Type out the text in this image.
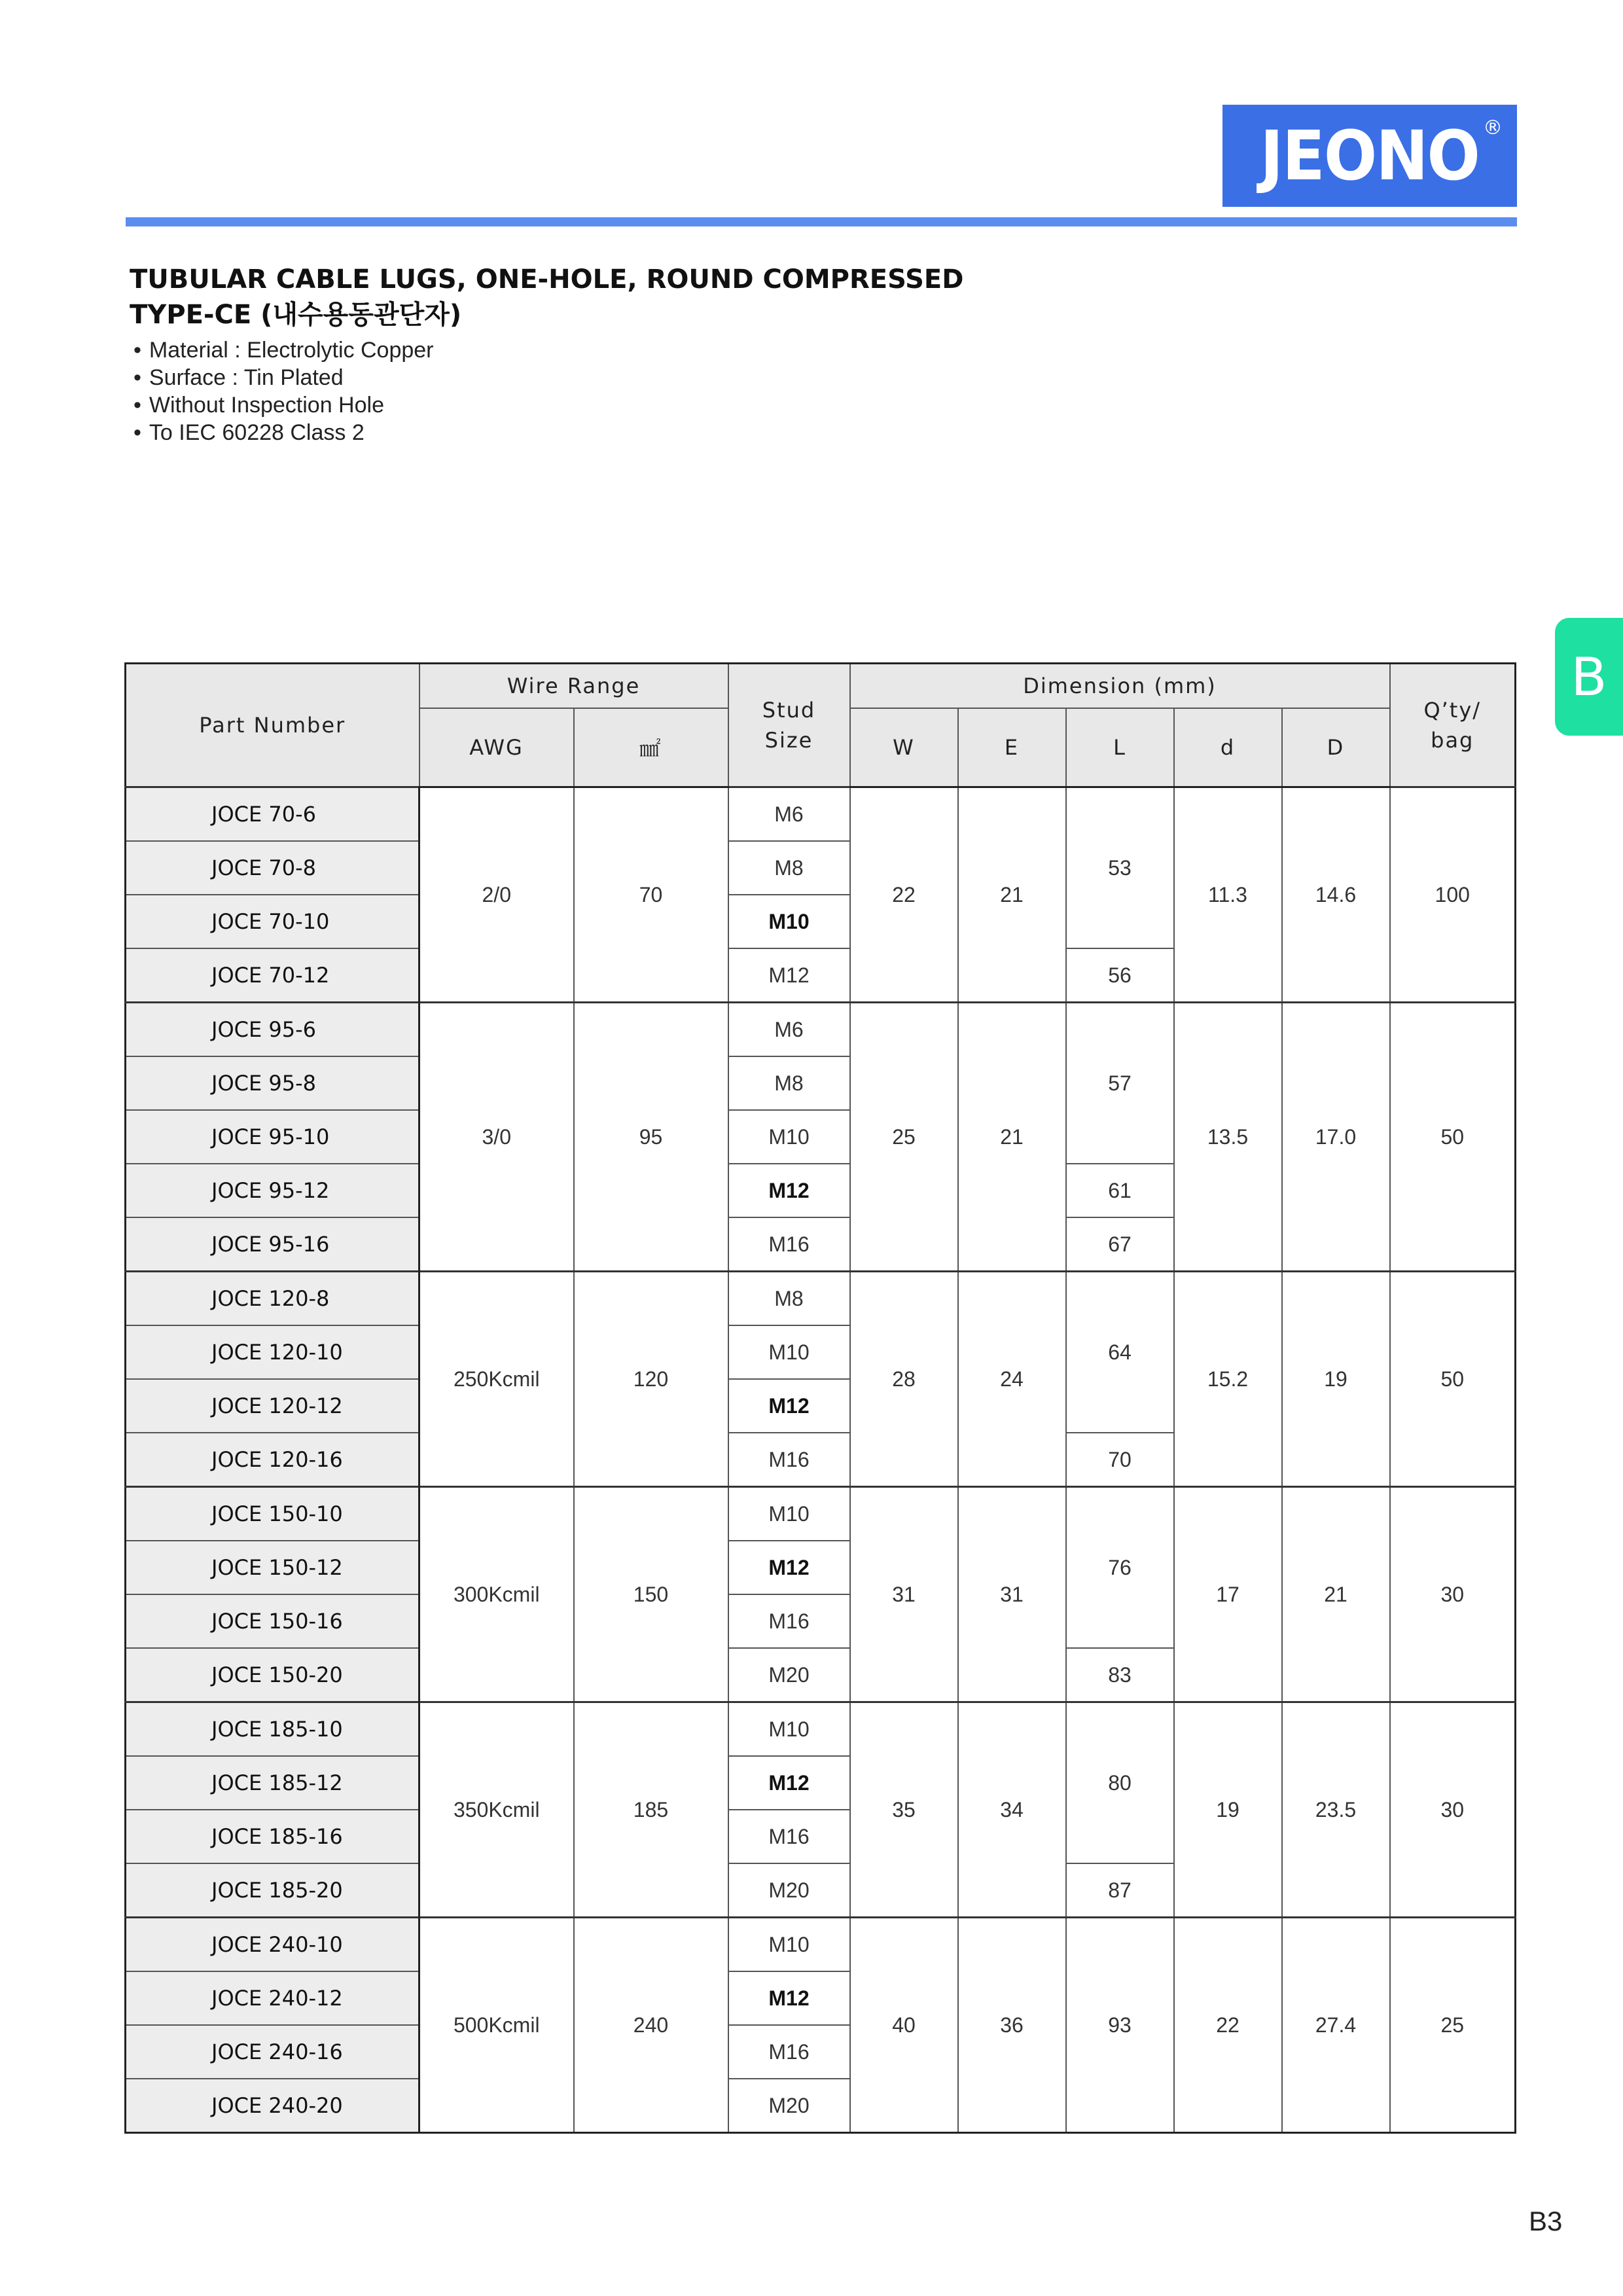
JEONO ®
TUBULAR CABLE LUGS, ONE-HOLE, ROUND COMPRESSED
TYPE-CE (내수용동관단자)
• Material : Electrolytic Copper
• Surface : Tin Plated
• Without Inspection Hole
• To IEC 60228 Class 2
B
Part Number	Wire Range		Stud Size	Dimension (mm)					Q’ty/ bag
	AWG	㎟		W	E	L	d	D	
JOCE 70-6	2/0	70	M6	22	21	53	11.3	14.6	100
JOCE 70-8			M8						
JOCE 70-10			M10						
JOCE 70-12			M12			56			
JOCE 95-6	3/0	95	M6	25	21	57	13.5	17.0	50
JOCE 95-8			M8						
JOCE 95-10			M10						
JOCE 95-12			M12			61			
JOCE 95-16			M16			67			
JOCE 120-8	250Kcmil	120	M8	28	24	64	15.2	19	50
JOCE 120-10			M10						
JOCE 120-12			M12						
JOCE 120-16			M16			70			
JOCE 150-10	300Kcmil	150	M10	31	31	76	17	21	30
JOCE 150-12			M12						
JOCE 150-16			M16						
JOCE 150-20			M20			83			
JOCE 185-10	350Kcmil	185	M10	35	34	80	19	23.5	30
JOCE 185-12			M12						
JOCE 185-16			M16						
JOCE 185-20			M20			87			
JOCE 240-10	500Kcmil	240	M10	40	36	93	22	27.4	25
JOCE 240-12			M12						
JOCE 240-16			M16						
JOCE 240-20			M20						
B3
